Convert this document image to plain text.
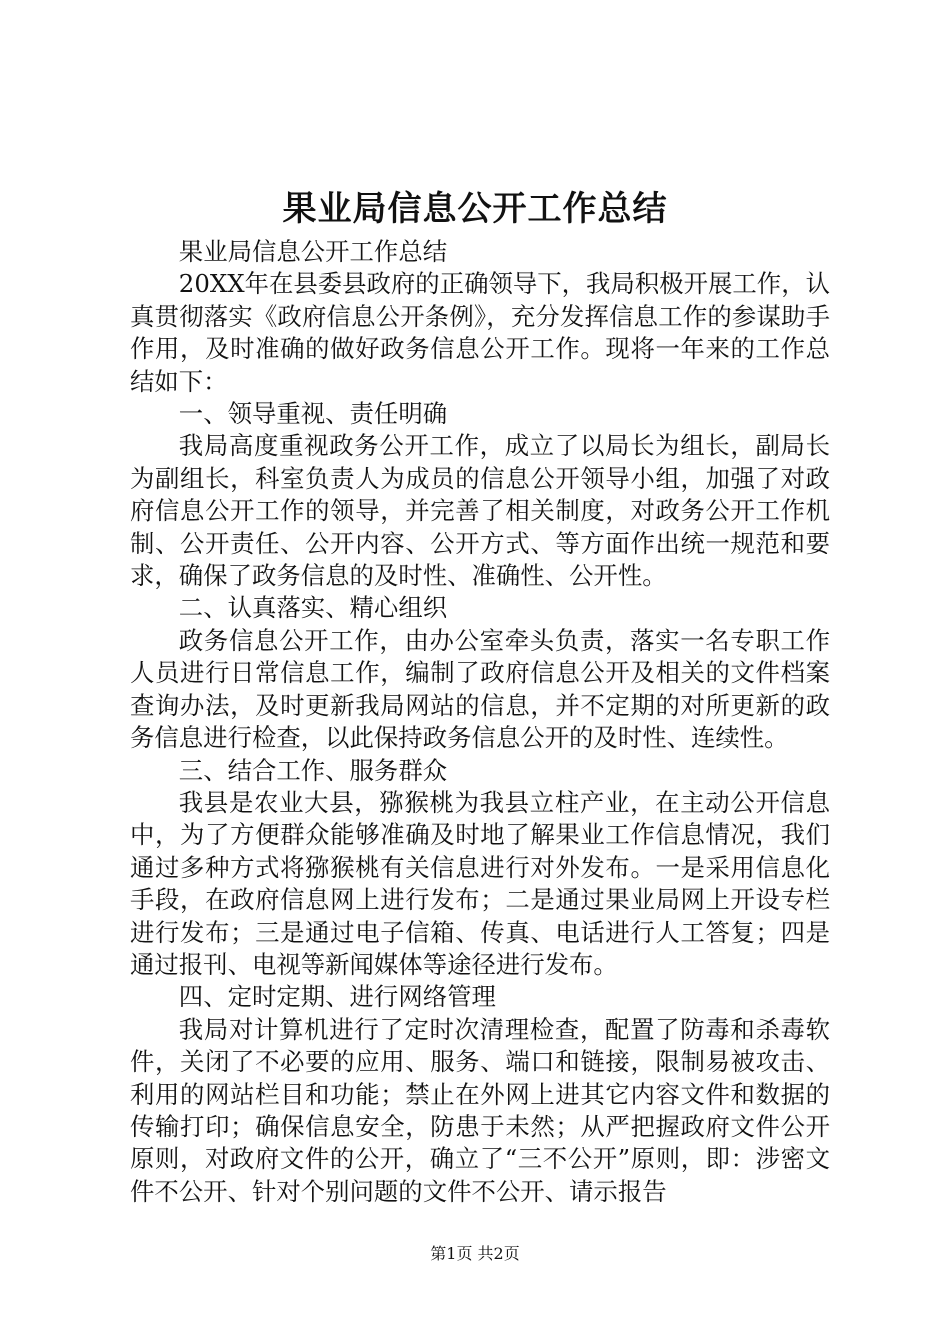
果业局信息公开工作总结

果业局信息公开工作总结

20XX年在县委县政府的正确领导下，我局积极开展工作，认真贯彻落实《政府信息公开条例》，充分发挥信息工作的参谋助手作用，及时准确的做好政务信息公开工作。现将一年来的工作总结如下：

一、领导重视、责任明确

我局高度重视政务公开工作，成立了以局长为组长，副局长为副组长，科室负责人为成员的信息公开领导小组，加强了对政府信息公开工作的领导，并完善了相关制度，对政务公开工作机制、公开责任、公开内容、公开方式、等方面作出统一规范和要求，确保了政务信息的及时性、准确性、公开性。

二、认真落实、精心组织

政务信息公开工作，由办公室牵头负责，落实一名专职工作人员进行日常信息工作，编制了政府信息公开及相关的文件档案查询办法，及时更新我局网站的信息，并不定期的对所更新的政务信息进行检查，以此保持政务信息公开的及时性、连续性。

三、结合工作、服务群众

我县是农业大县，猕猴桃为我县立柱产业，在主动公开信息中，为了方便群众能够准确及时地了解果业工作信息情况，我们通过多种方式将猕猴桃有关信息进行对外发布。一是采用信息化手段，在政府信息网上进行发布；二是通过果业局网上开设专栏进行发布；三是通过电子信箱、传真、电话进行人工答复；四是通过报刊、电视等新闻媒体等途径进行发布。

四、定时定期、进行网络管理

我局对计算机进行了定时次清理检查，配置了防毒和杀毒软件，关闭了不必要的应用、服务、端口和链接，限制易被攻击、利用的网站栏目和功能；禁止在外网上进其它内容文件和数据的传输打印；确保信息安全，防患于未然；从严把握政府文件公开原则，对政府文件的公开，确立了“三不公开”原则，即：涉密文件不公开、针对个别问题的文件不公开、请示报告

第1页 共2页
